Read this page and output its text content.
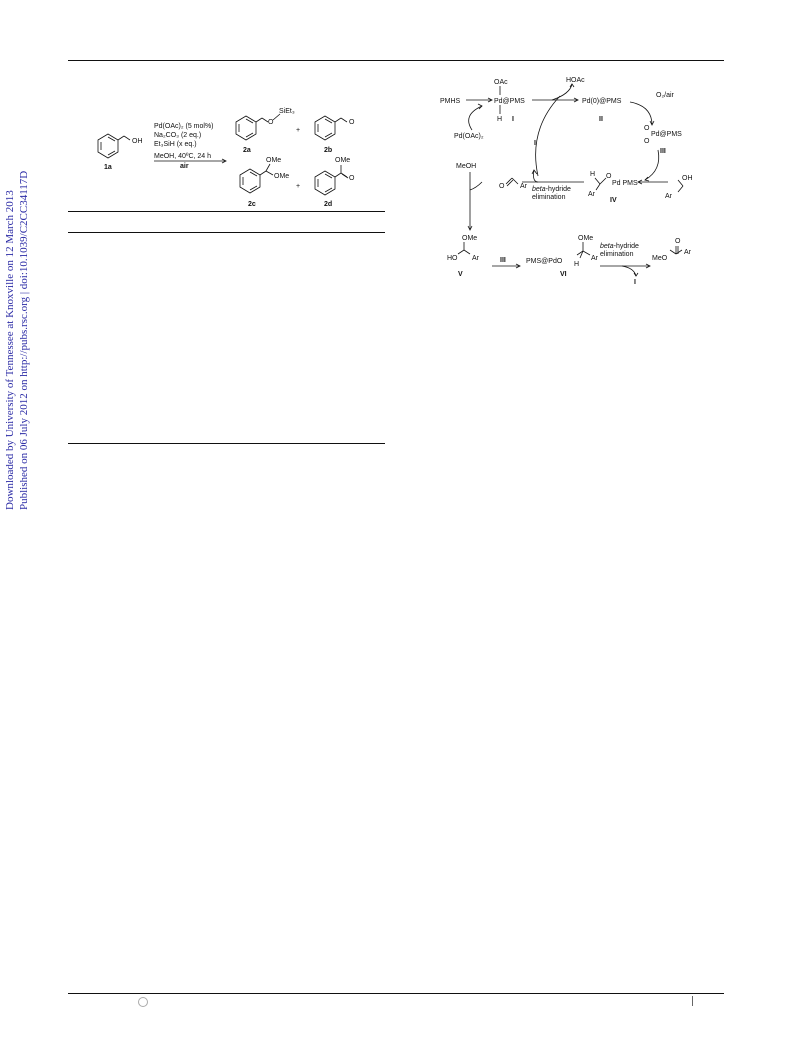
Downloaded by University of Tennessee at Knoxville on 12 March 2013 Published on 06 July 2012 on http://pubs.rsc.org | doi:10.1039/C2CC34117D
OH
1a
Pd(OAc)₂ (5 mol%)
Na₂CO₃ (2 eq.)
Et₃SiH (x eq.)
MeOH, 40ºC, 24 h
air
O
SiEt₃
2a
+
O
2b
OMe
OMe
2c
+
OMe
O
2d
PMHS
OAc
Pd@PMS
H I
Pd(OAc)₂
HOAc
Pd(0)@PMS
II
O₂/air
O
Pd@PMS
O
III
I
MeOH
O Ar beta-hydride
elimination
H O
Pd PMS
Ar
IV
OH
Ar
OMe
HO Ar
V
III	PMS@PdO
OMe
H
Ar
VI
beta-hydride
elimination
I
O
MeO
Ar
